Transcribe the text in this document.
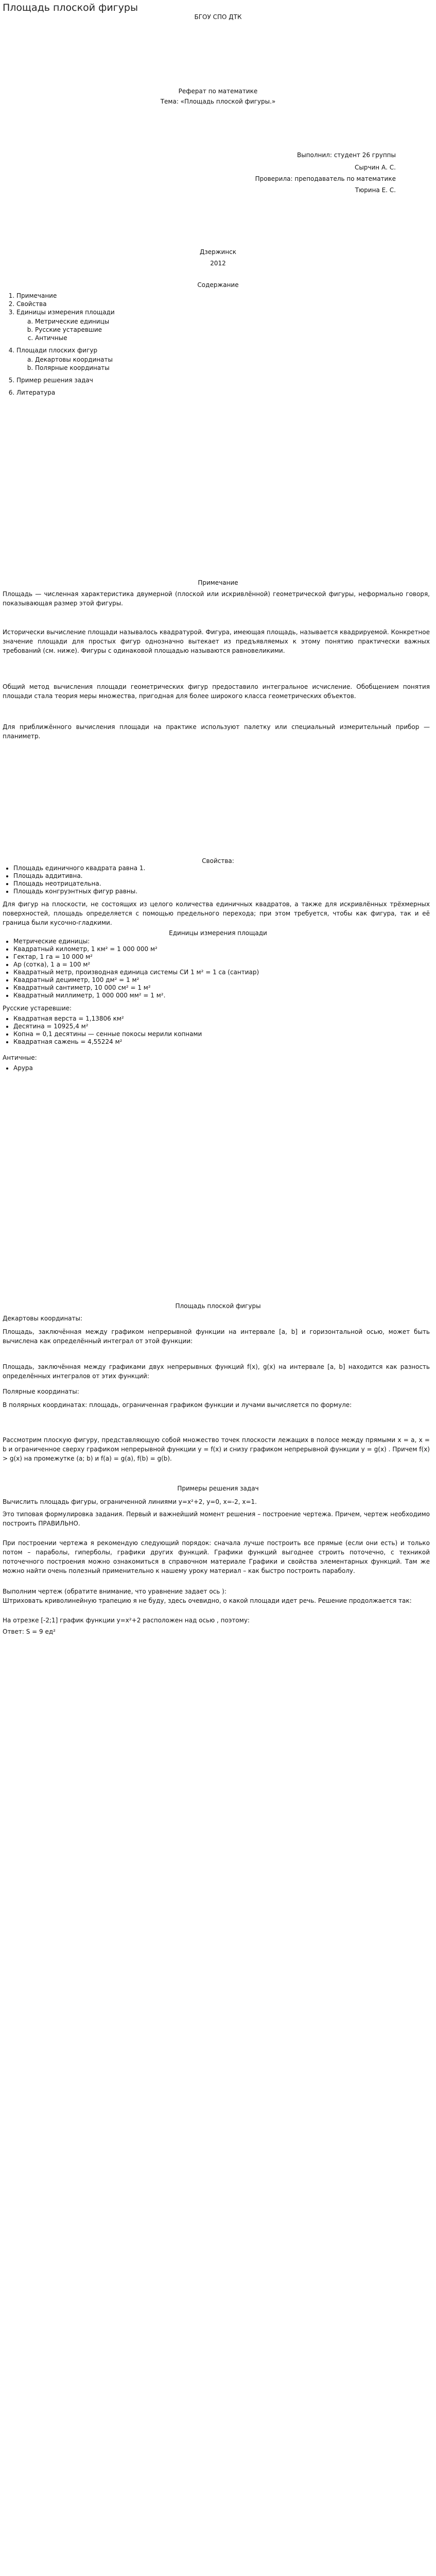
Площадь плоской фигуры
БГОУ СПО ДТК
Реферат по математике
Тема: «Площадь плоской фигуры.»
Выполнил: студент 26 группы
Сырчин А. С.
Проверила: преподаватель по математике
Тюрина Е. С.
Дзержинск
2012
Содержание
1. Примечание
2. Свойства
3. Единицы измерения площади
a. Метрические единицы
b. Русские устаревшие
c. Античные
4. Площади плоских фигур
a. Декартовы координаты
b. Полярные координаты
5. Пример решения задач
6. Литература
Примечание

Площадь — численная характеристика двумерной (плоской или искривлённой) геометрической фигуры, неформально говоря, показывающая размер этой фигуры.

Исторически вычисление площади называлось квадратурой. Фигура, имеющая площадь, называется квадрируемой. Конкретное значение площади для простых фигур однозначно вытекает из предъявляемых к этому понятию практически важных требований (см. ниже). Фигуры с одинаковой площадью называются равновеликими.

Общий метод вычисления площади геометрических фигур предоставило интегральное исчисление. Обобщением понятия площади стала теория меры множества, пригодная для более широкого класса геометрических объектов.

Для приближённого вычисления площади на практике используют палетку или специальный измерительный прибор — планиметр.

Свойства:
• Площадь единичного квадрата равна 1.
• Площадь аддитивна.
• Площадь неотрицательна.
• Площадь конгруэнтных фигур равны.

Для фигур на плоскости, не состоящих из целого количества единичных квадратов, а также для искривлённых трёхмерных поверхностей, площадь определяется с помощью предельного перехода; при этом требуется, чтобы как фигура, так и её граница были кусочно-гладкими.

Единицы измерения площади
• Метрические единицы:
• Квадратный километр, 1 км² = 1 000 000 м²
• Гектар, 1 га = 10 000 м²
• Ар (сотка), 1 а = 100 м²
• Квадратный метр, производная единица системы СИ 1 м² = 1 са (сантиар)
• Квадратный дециметр, 100 дм² = 1 м²
• Квадратный сантиметр, 10 000 см² = 1 м²
• Квадратный миллиметр, 1 000 000 мм² = 1 м².
Русские устаревшие:
• Квадратная верста = 1,13806 км²
• Десятина = 10925,4 м²
• Копна = 0,1 десятины — сенные покосы мерили копнами
• Квадратная сажень = 4,55224 м²
Античные:
• Арура
Площадь плоской фигуры
Декартовы координаты:

Площадь, заключённая между графиком непрерывной функции на интервале [a, b] и горизонтальной осью, может быть вычислена как определённый интеграл от этой функции:

Площадь, заключённая между графиками двух непрерывных функций f(x), g(x) на интервале [a, b] находится как разность определённых интегралов от этих функций:

Полярные координаты:

В полярных координатах: площадь, ограниченная графиком функции и лучами вычисляется по формуле:

Рассмотрим плоскую фигуру, представляющую собой множество точек плоскости лежащих в полосе между прямыми x = a, x = b и ограниченное сверху графиком непрерывной функции y = f(x) и снизу графиком непрерывной функции y = g(x) . Причем f(x) > g(x) на промежутке (a; b) и f(a) = g(a), f(b) = g(b).

Примеры решения задач

Вычислить площадь фигуры, ограниченной линиями y=x²+2, y=0, x=-2, x=1.

Это типовая формулировка задания. Первый и важнейший момент решения – построение чертежа. Причем, чертеж необходимо построить ПРАВИЛЬНО.

При построении чертежа я рекомендую следующий порядок: сначала лучше построить все прямые (если они есть) и только потом – параболы, гиперболы, графики других функций. Графики функций выгоднее строить поточечно, с техникой поточечного построения можно ознакомиться в справочном материале Графики и свойства элементарных функций. Там же можно найти очень полезный применительно к нашему уроку материал – как быстро построить параболу.

Выполним чертеж (обратите внимание, что уравнение задает ось ):

Штриховать криволинейную трапецию я не буду, здесь очевидно, о какой площади идет речь. Решение продолжается так:

На отрезке [-2;1] график функции y=x²+2 расположен над осью , поэтому:

Ответ: S = 9 ед²
